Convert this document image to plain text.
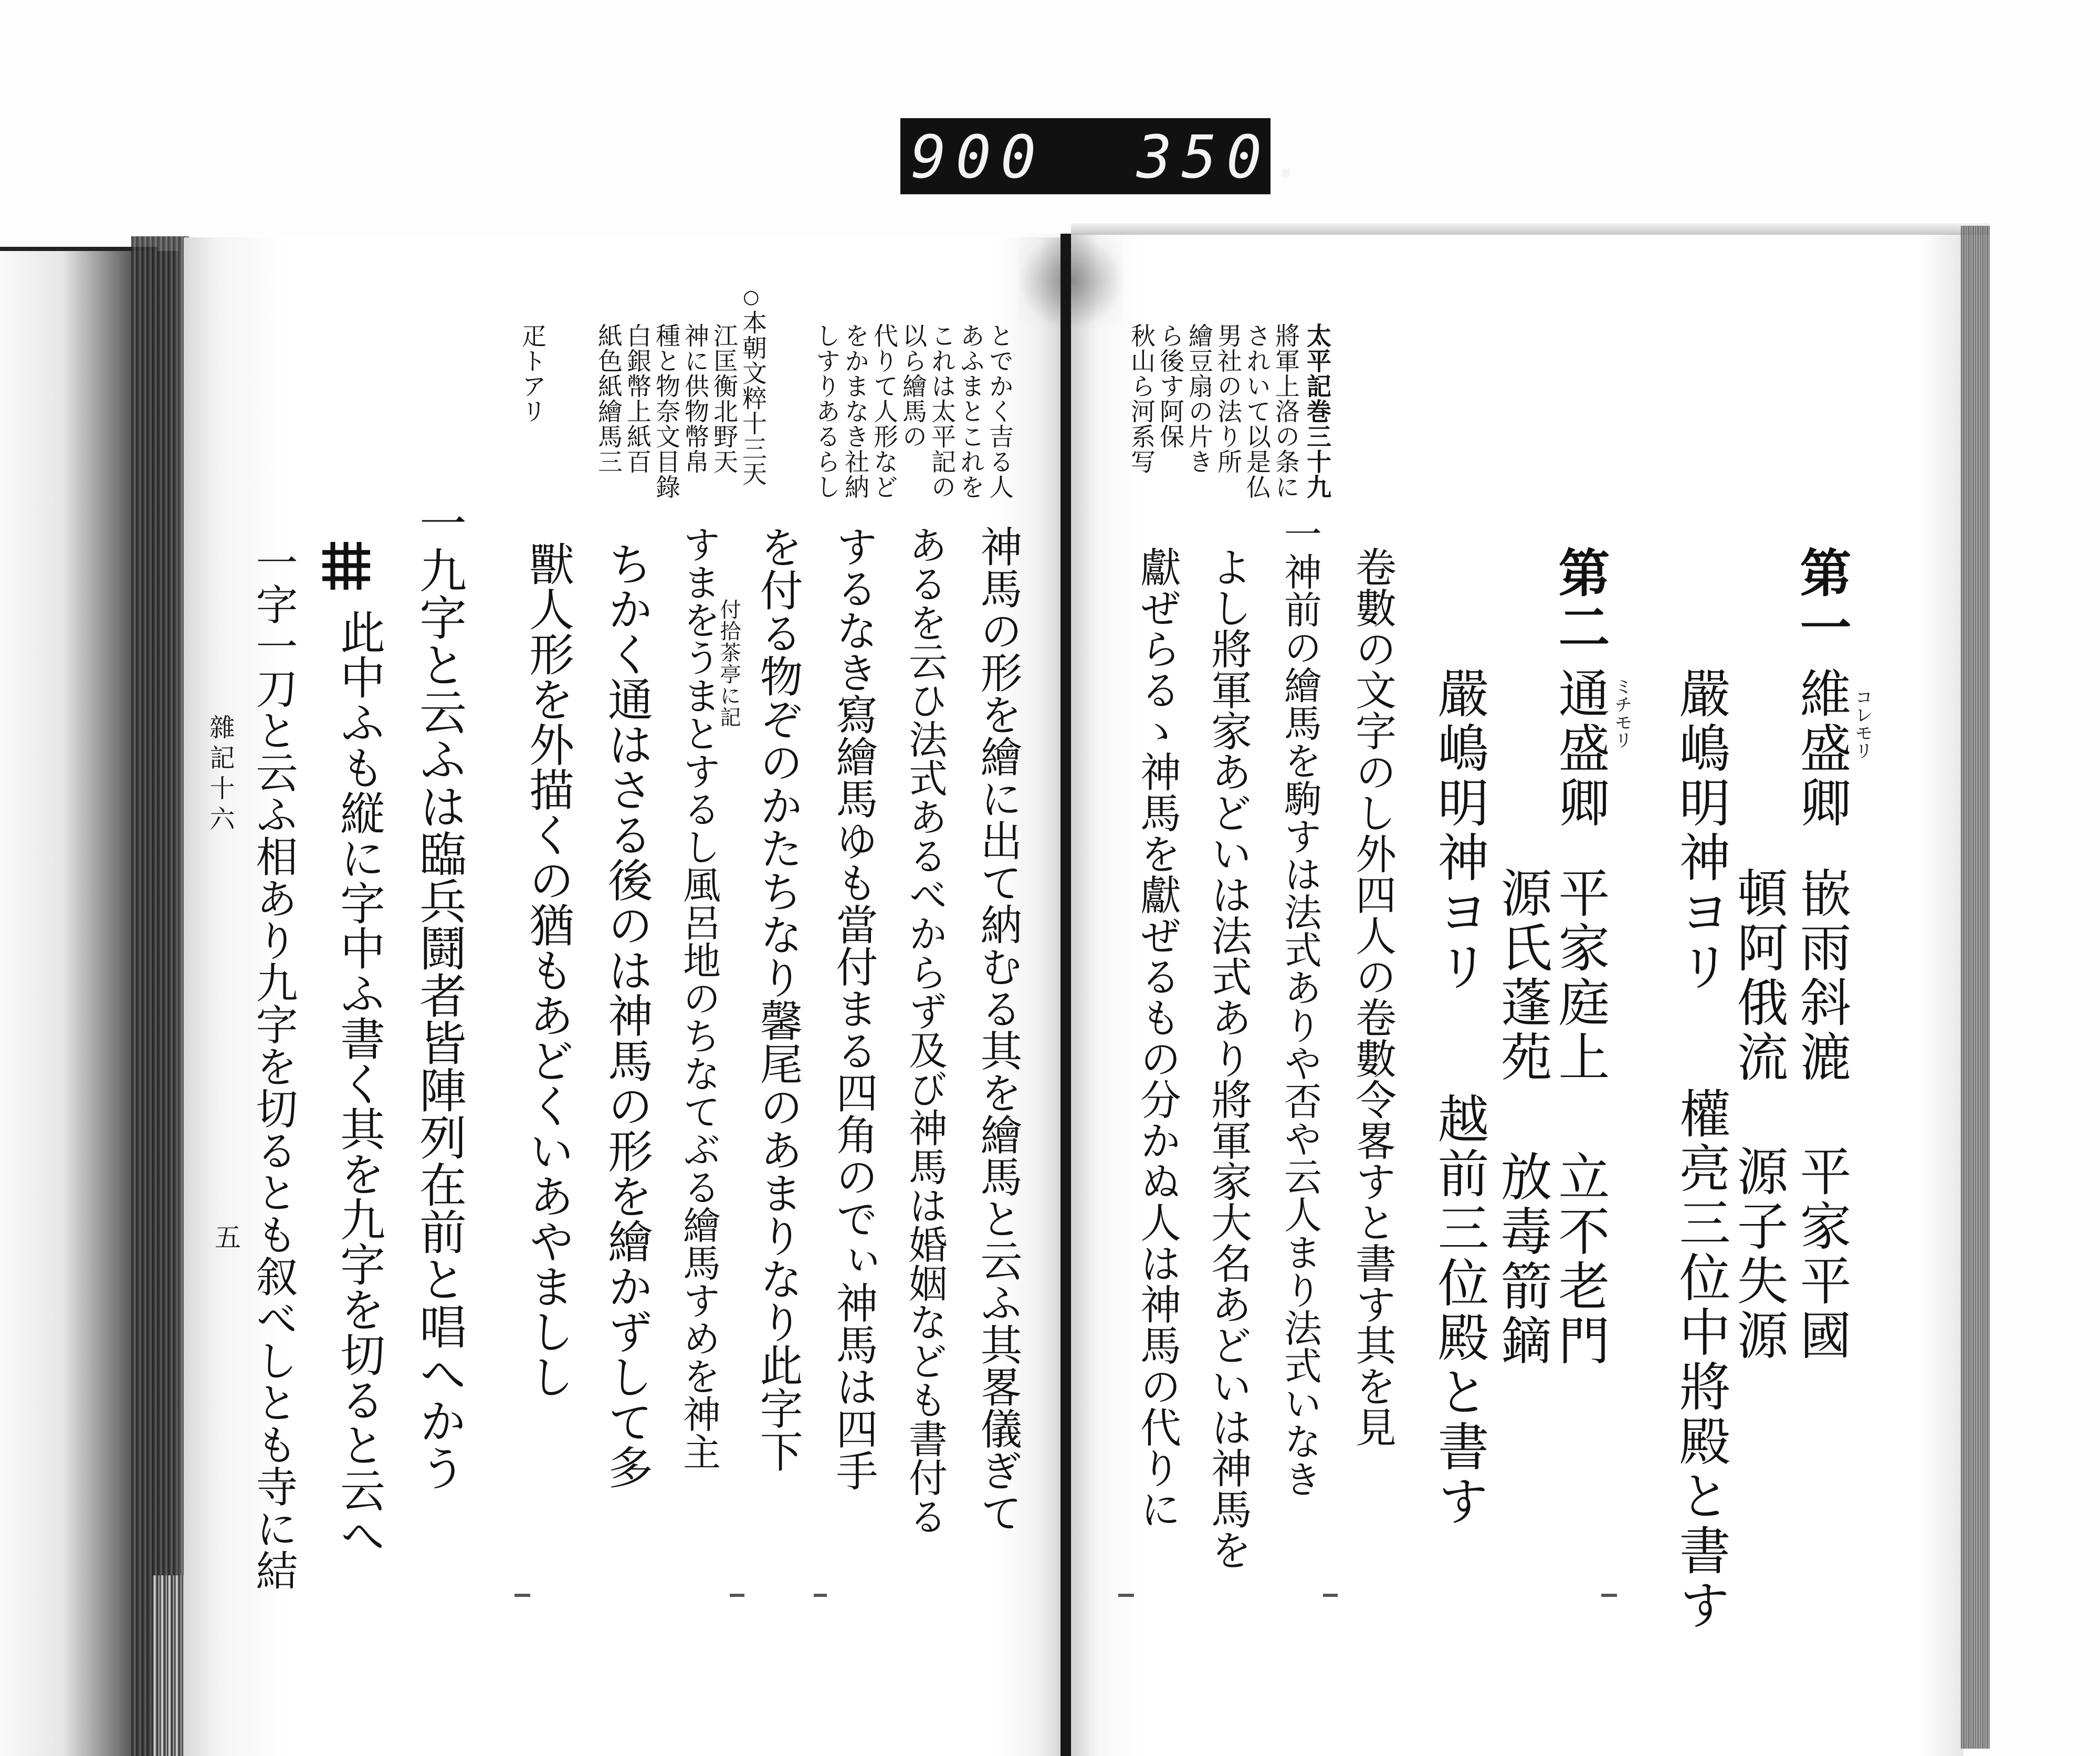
900 350.
第一
維盛卿 コレモリ
嵌雨斜漉
平家平國
頓阿俄流
源子失源
嚴嶋明神ヨリ
權亮三位中將殿と書す
第二
通盛卿 ミチモリ
平家庭上
立不老門
源氏蓬苑
放毒箭鏑
嚴嶋明神ヨリ
越前三位殿と書す
卷數の文字のし外四人の卷數令畧すと書す其を見
一神前の繪馬を駒すは法式ありや否や云人まり法式いなき
よし將軍家あどいは法式あり將軍家大名あどいは神馬を
獻ぜらるゝ神馬を獻ぜるもの分かぬ人は神馬の代りに
太平記巻三十九
將軍上洛の条に
されいて以是仏
男社の法り所
繪豆扇の片き
ら後す阿保
秋山ら河系写
神馬の形を繪に出て納むる其を繪馬と云ふ其畧儀ぎて
あるを云ひ法式あるべからず及び神馬は婚姻なども書付る
するなき寫繪馬ゆも當付まる四角のでぃ神馬は四手
を付る物ぞのかたちなり馨尾のあまりなり此字下
すまをうまとするし風呂地のちなてぶる繪馬すめを神主
付拾茶亭に記
ちかく通はさる後のは神馬の形を繪かずして多
獸人形を外描くの猶もあどくいあやましし
一九字と云ふは臨兵鬪者皆陣列在前と唱へかう
此中ふも縦に字中ふ書く其を九字を切ると云へ
一字一刀と云ふ相あり九字を切るとも叙べしとも寺に結
とでかく吉る人
あふまとこれを
これは太平記の
以ら繪馬の
代りて人形など
をかまなき社納
しすりあるらし
○
本朝文粹十三天
江匡衡北野天
神に供物幣帛
種と物奈文目錄
白銀幣上紙百
紙色紙繪馬三
疋トアリ
雜記十六
五
